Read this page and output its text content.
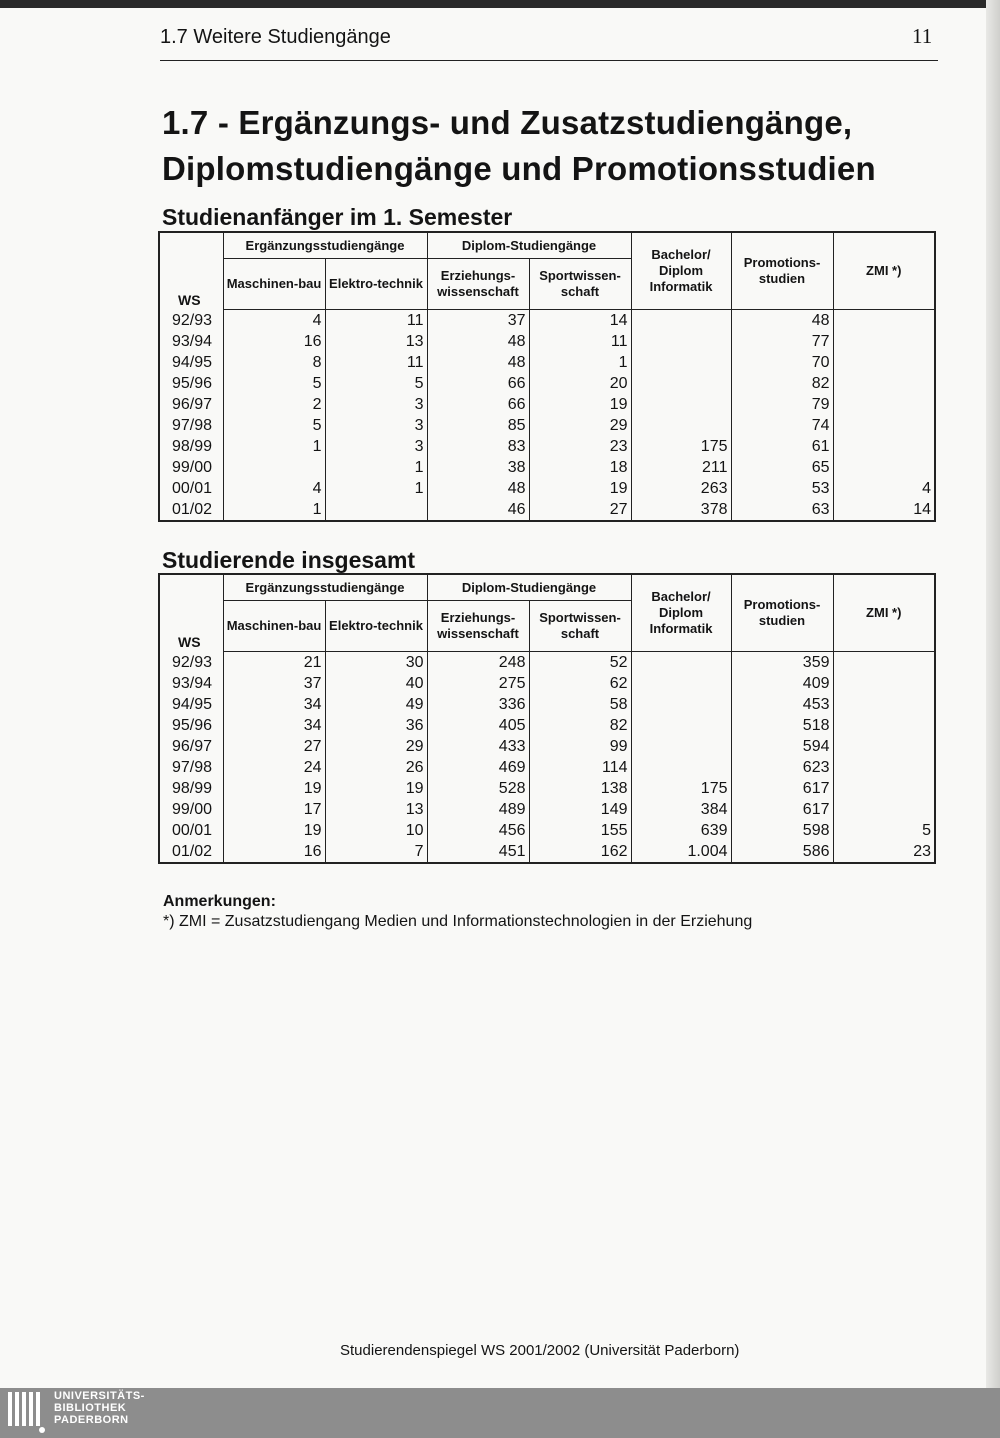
1.7 Weitere Studiengänge	11
1.7 - Ergänzungs- und Zusatzstudiengänge,
Diplomstudiengänge und Promotionsstudien
Studienanfänger im 1. Semester
WS	Ergänzungsstudiengänge		Diplom-Studiengänge		Bachelor/ Diplom Informatik	Promotions-studien	ZMI *)
	Maschinen-bau	Elektro-technik	Erziehungs-wissenschaft	Sportwissen-schaft			
92/93	4	11	37	14		48	
93/94	16	13	48	11		77	
94/95	8	11	48	1		70	
95/96	5	5	66	20		82	
96/97	2	3	66	19		79	
97/98	5	3	85	29		74	
98/99	1	3	83	23	175	61	
99/00		1	38	18	211	65	
00/01	4	1	48	19	263	53	4
01/02	1		46	27	378	63	14
Studierende insgesamt
WS	Ergänzungsstudiengänge		Diplom-Studiengänge		Bachelor/ Diplom Informatik	Promotions-studien	ZMI *)
	Maschinen-bau	Elektro-technik	Erziehungs-wissenschaft	Sportwissen-schaft			
92/93	21	30	248	52		359	
93/94	37	40	275	62		409	
94/95	34	49	336	58		453	
95/96	34	36	405	82		518	
96/97	27	29	433	99		594	
97/98	24	26	469	114		623	
98/99	19	19	528	138	175	617	
99/00	17	13	489	149	384	617	
00/01	19	10	456	155	639	598	5
01/02	16	7	451	162	1.004	586	23
Anmerkungen:
*) ZMI = Zusatzstudiengang Medien und Informationstechnologien in der Erziehung
Studierendenspiegel WS 2001/2002 (Universität Paderborn)
UNIVERSITÄTS-
BIBLIOTHEK
PADERBORN
